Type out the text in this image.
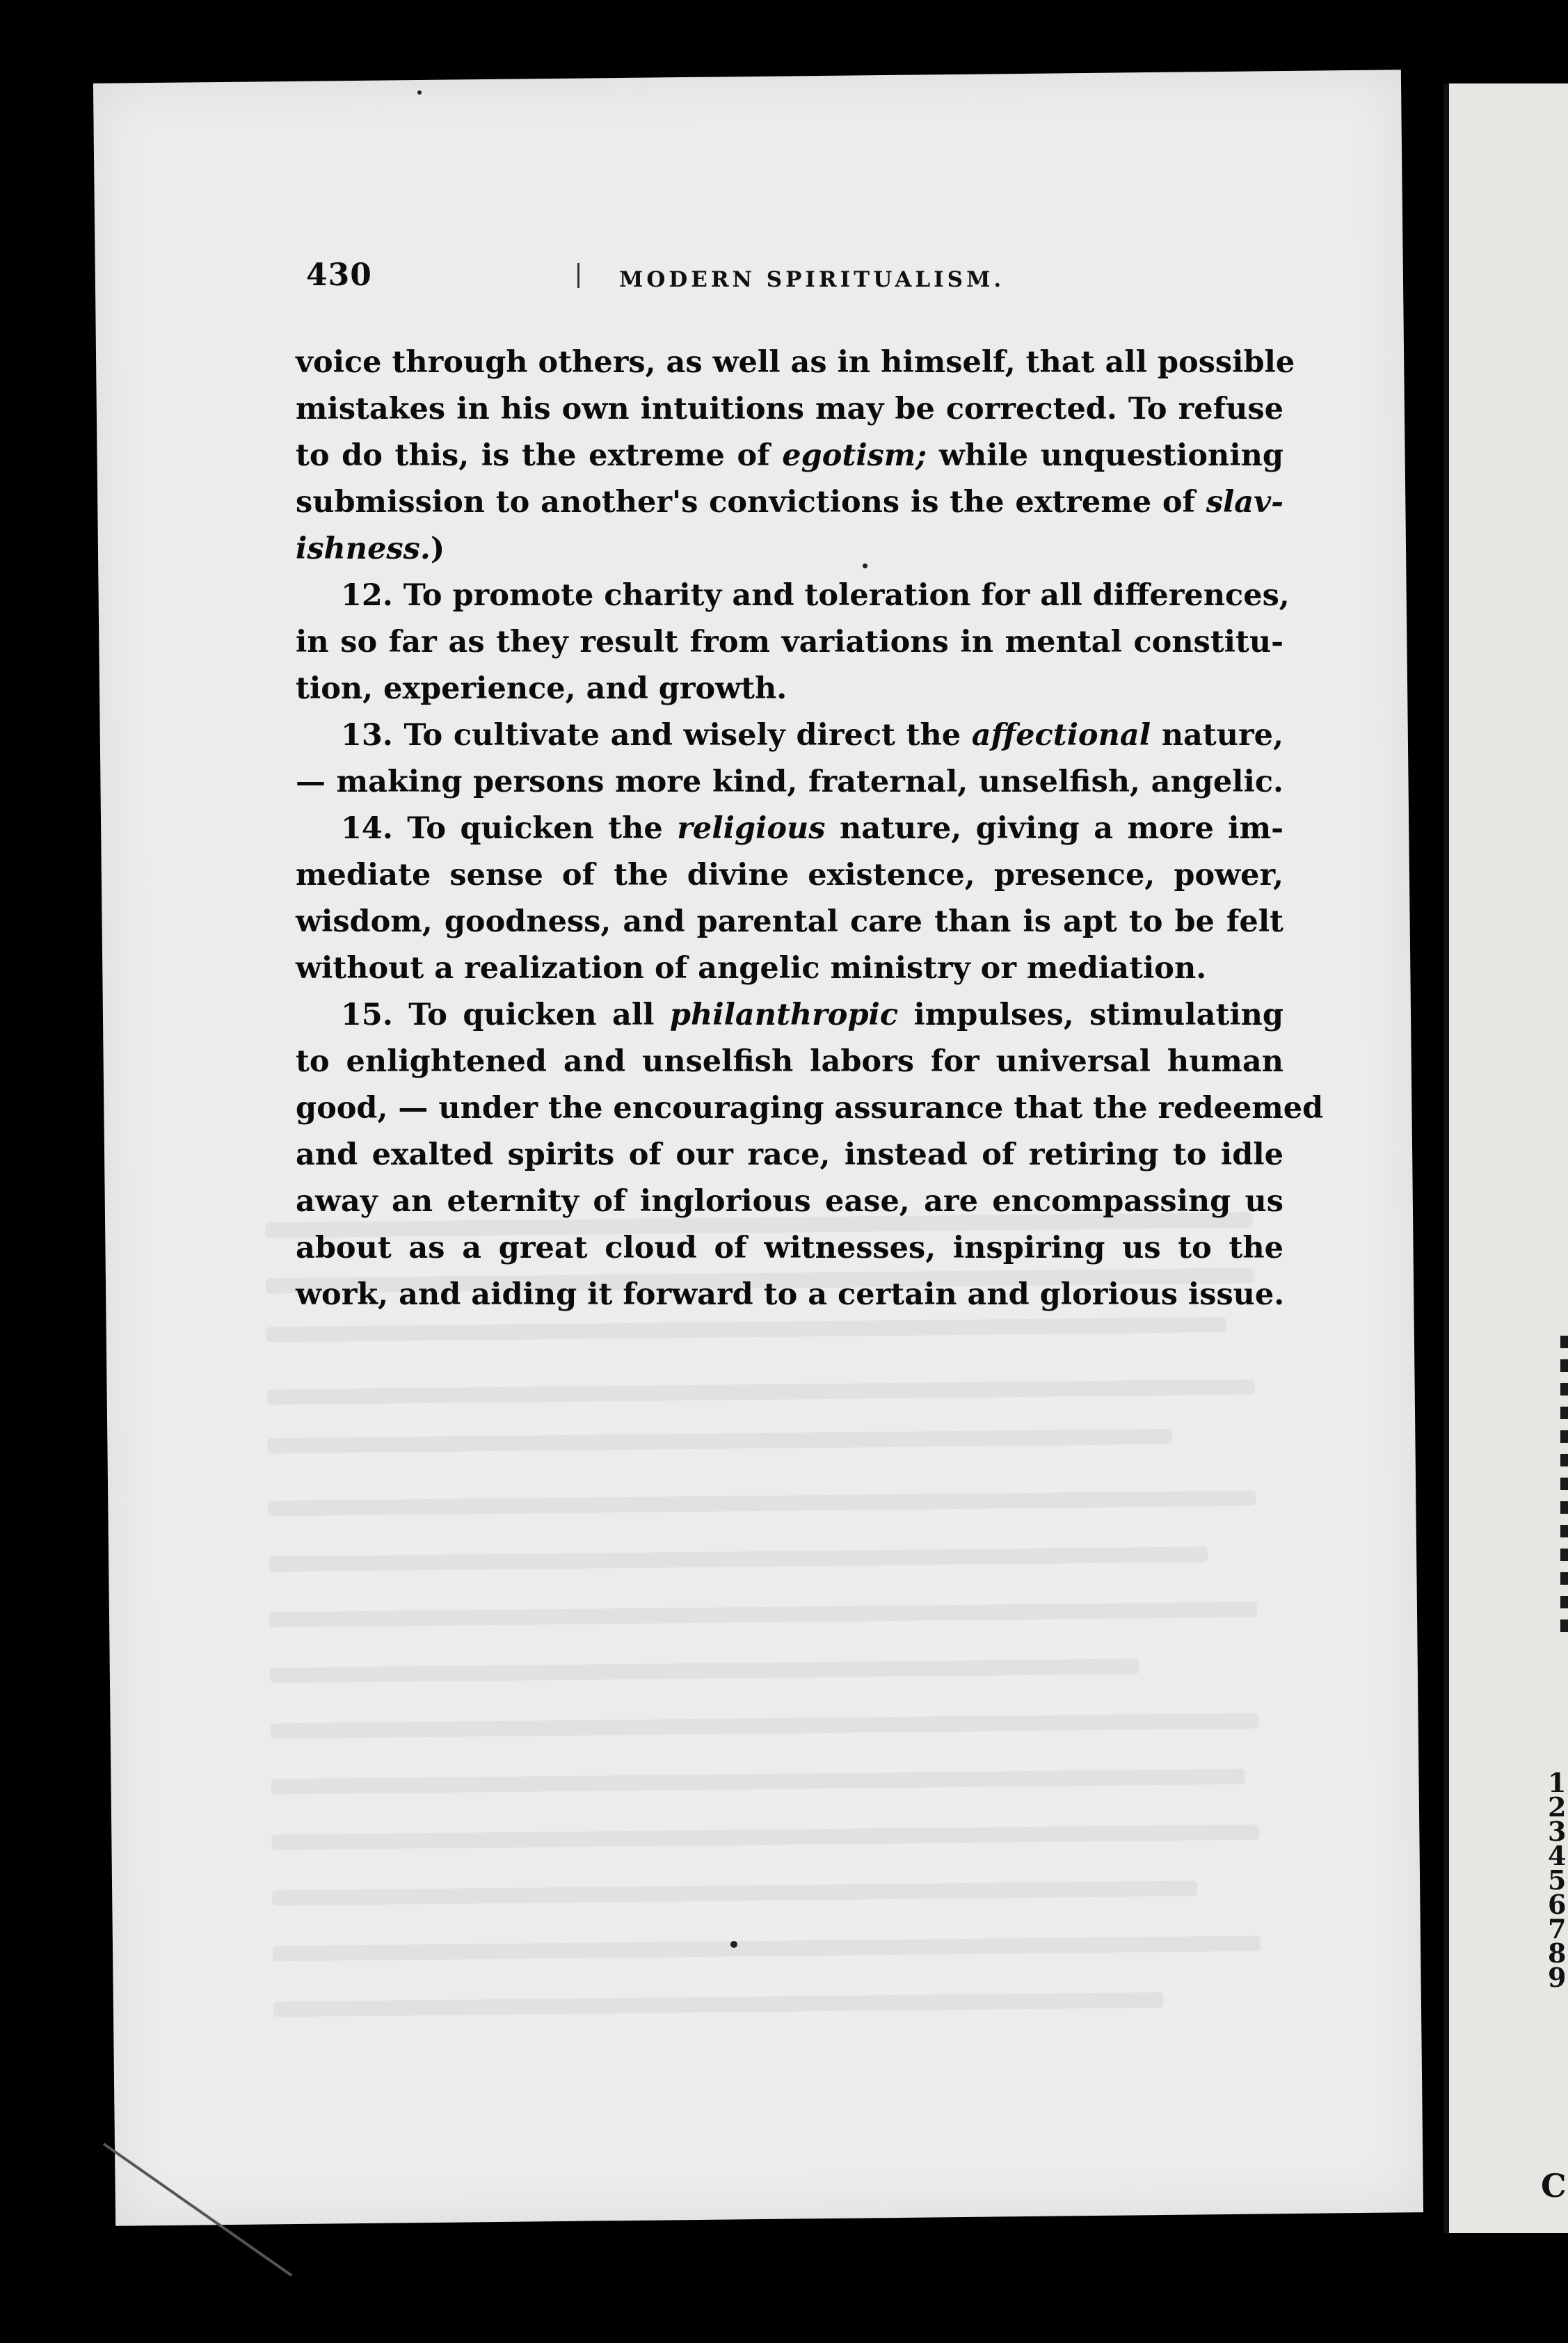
1
2
3
4
5
6
7
8
9
C
430	MODERN SPIRITUALISM.
voice through others, as well as in himself, that all possible
mistakes in his own intuitions may be corrected. To refuse
to do this, is the extreme of egotism; while unquestioning
submission to another's convictions is the extreme of slav-
ishness.)
12. To promote charity and toleration for all differences,
in so far as they result from variations in mental constitu-
tion, experience, and growth.
13. To cultivate and wisely direct the affectional nature,
— making persons more kind, fraternal, unselfish, angelic.
14. To quicken the religious nature, giving a more im-
mediate sense of the divine existence, presence, power,
wisdom, goodness, and parental care than is apt to be felt
without a realization of angelic ministry or mediation.
15. To quicken all philanthropic impulses, stimulating
to enlightened and unselfish labors for universal human
good, — under the encouraging assurance that the redeemed
and exalted spirits of our race, instead of retiring to idle
away an eternity of inglorious ease, are encompassing us
about as a great cloud of witnesses, inspiring us to the
work, and aiding it forward to a certain and glorious issue.
